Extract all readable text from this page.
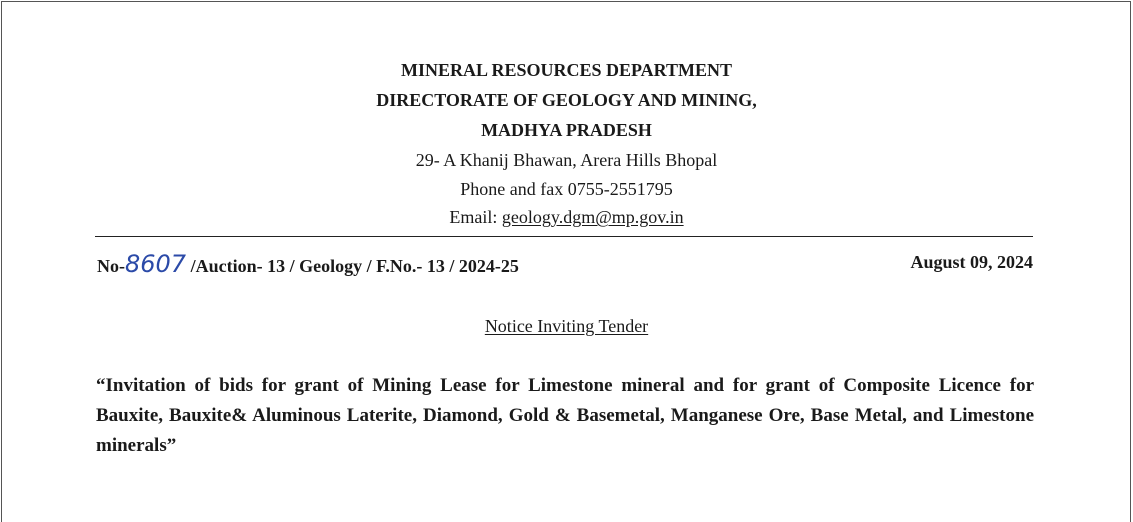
MINERAL RESOURCES DEPARTMENT
DIRECTORATE OF GEOLOGY AND MINING,
MADHYA PRADESH
29- A Khanij Bhawan, Arera Hills Bhopal
Phone and fax 0755-2551795
Email: geology.dgm@mp.gov.in
No-8607 /Auction- 13 / Geology / F.No.- 13 / 2024-25	August 09, 2024
Notice Inviting Tender
“Invitation of bids for grant of Mining Lease for Limestone mineral and for grant of Composite Licence for Bauxite, Bauxite& Aluminous Laterite, Diamond, Gold & Basemetal, Manganese Ore, Base Metal, and Limestone minerals”
